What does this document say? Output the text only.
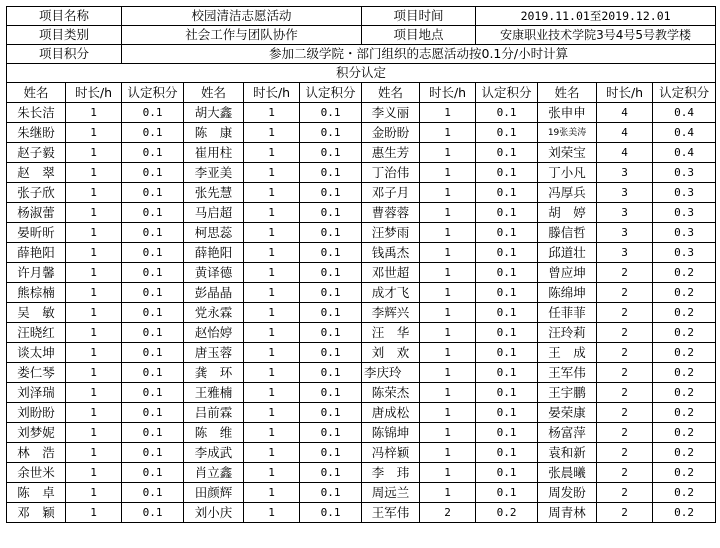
项目名称		校园清洁志愿活动				项目时间		2019.11.01至2019.12.01			
项目类别		社会工作与团队协作				项目地点		安康职业技术学院3号4号5号教学楼			
项目积分		参加二级学院・部门组织的志愿活动按0.1分/小时计算									
积分认定											
姓名	时长/h	认定积分	姓名	时长/h	认定积分	姓名	时长/h	认定积分	姓名	时长/h	认定积分
朱长洁	1	0.1	胡大鑫	1	0.1	李义丽	1	0.1	张申申	4	0.4
朱继盼	1	0.1	陈　康	1	0.1	金盼盼	1	0.1	19张美涛	4	0.4
赵子毅	1	0.1	崔用柱	1	0.1	惠生芳	1	0.1	刘荣宝	4	0.4
赵　翠	1	0.1	李亚美	1	0.1	丁治伟	1	0.1	丁小凡	3	0.3
张子欣	1	0.1	张先慧	1	0.1	邓子月	1	0.1	冯厚兵	3	0.3
杨淑蕾	1	0.1	马启超	1	0.1	曹蓉蓉	1	0.1	胡　婷	3	0.3
晏昕昕	1	0.1	柯思蕊	1	0.1	汪梦雨	1	0.1	滕信哲	3	0.3
薛艳阳	1	0.1	薛艳阳	1	0.1	钱禹杰	1	0.1	邱道壮	3	0.3
许月馨	1	0.1	黄译德	1	0.1	邓世超	1	0.1	曾应坤	2	0.2
熊棕楠	1	0.1	彭晶晶	1	0.1	成才飞	1	0.1	陈绵坤	2	0.2
吴　敏	1	0.1	党永霖	1	0.1	李辉兴	1	0.1	任菲菲	2	0.2
汪晓红	1	0.1	赵怡婷	1	0.1	汪　华	1	0.1	汪玲莉	2	0.2
谈太坤	1	0.1	唐玉蓉	1	0.1	刘　欢	1	0.1	王　成	2	0.2
娄仁琴	1	0.1	龚　环	1	0.1	李庆玲	1	0.1	王军伟	2	0.2
刘泽瑞	1	0.1	王雅楠	1	0.1	陈荣杰	1	0.1	王宇鹏	2	0.2
刘盼盼	1	0.1	吕前霖	1	0.1	唐成松	1	0.1	晏荣康	2	0.2
刘梦妮	1	0.1	陈　维	1	0.1	陈锦坤	1	0.1	杨富萍	2	0.2
林　浩	1	0.1	李成武	1	0.1	冯梓颖	1	0.1	袁和新	2	0.2
余世米	1	0.1	肖立鑫	1	0.1	李　玮	1	0.1	张晨曦	2	0.2
陈　卓	1	0.1	田颜辉	1	0.1	周远兰	1	0.1	周发盼	2	0.2
邓　颖	1	0.1	刘小庆	1	0.1	王军伟	2	0.2	周青林	2	0.2
